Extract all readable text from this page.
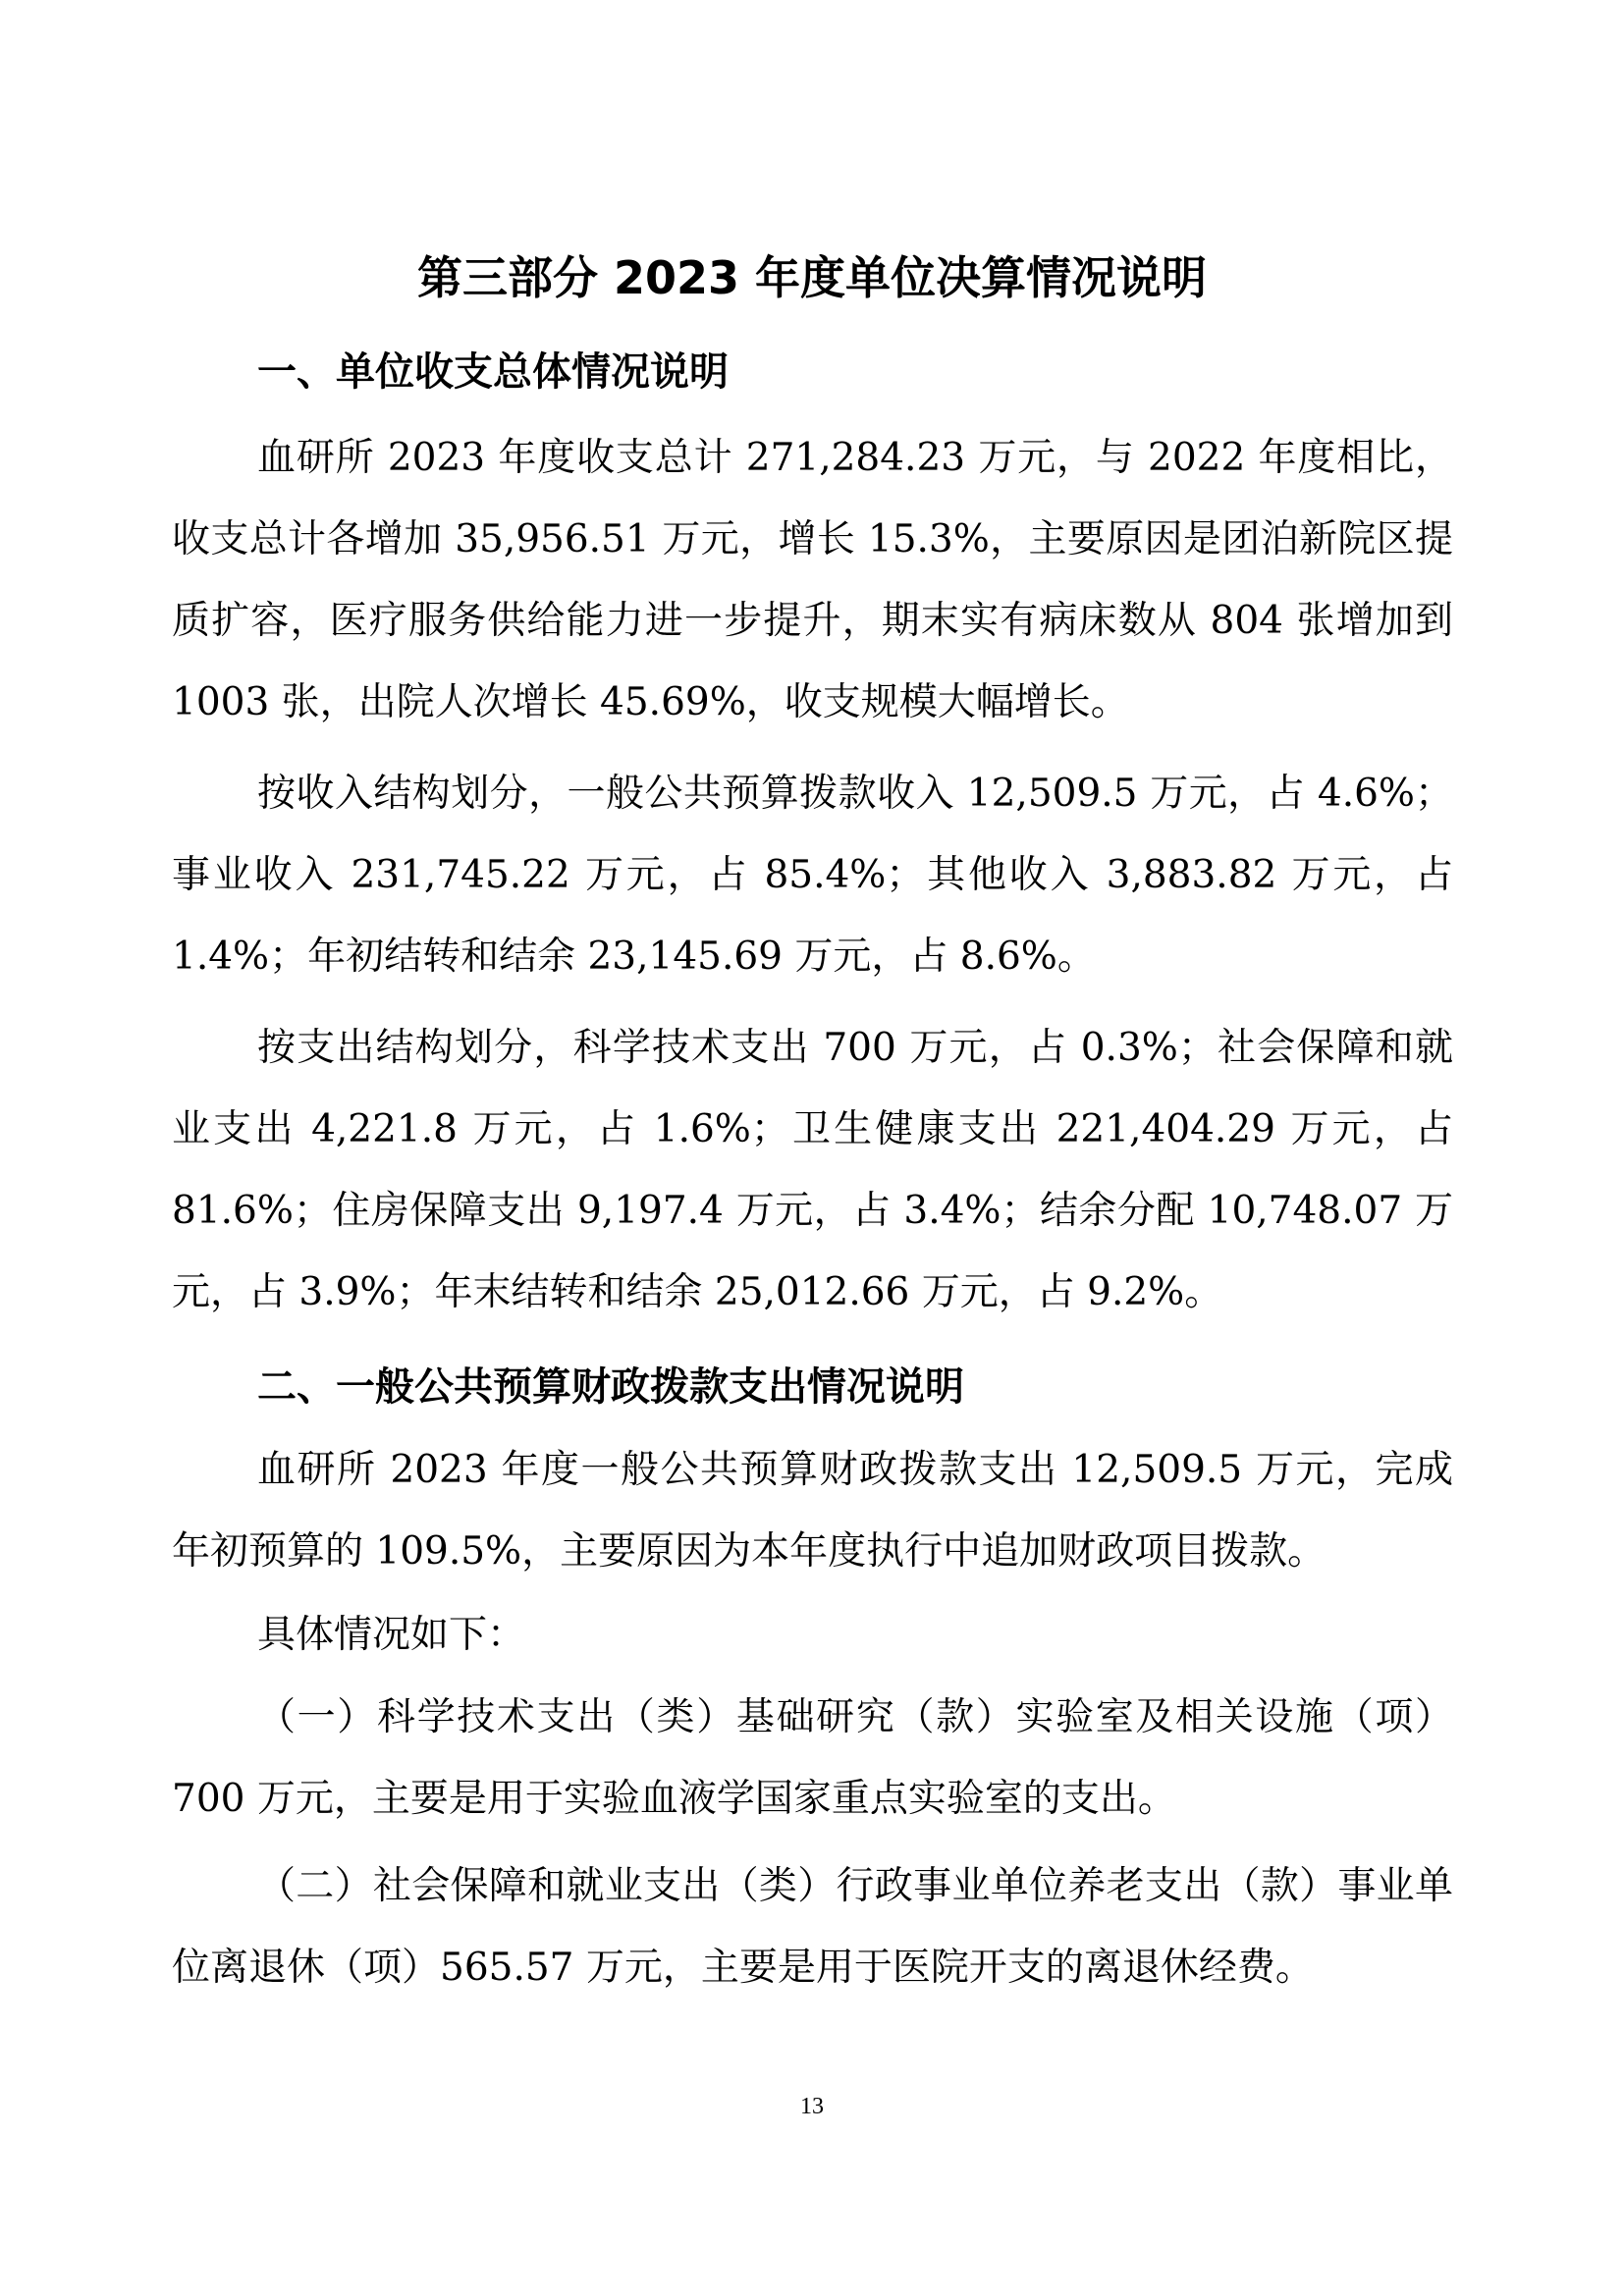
第三部分 2023 年度单位决算情况说明
一、单位收支总体情况说明

血研所 2023 年度收支总计 271,284.23 万元，与 2022 年度相比，收支总计各增加 35,956.51 万元，增长 15.3%，主要原因是团泊新院区提质扩容，医疗服务供给能力进一步提升，期末实有病床数从 804 张增加到 1003 张，出院人次增长 45.69%，收支规模大幅增长。

按收入结构划分，一般公共预算拨款收入 12,509.5 万元，占 4.6%；事业收入 231,745.22 万元，占 85.4%；其他收入 3,883.82 万元，占 1.4%；年初结转和结余 23,145.69 万元，占 8.6%。

按支出结构划分，科学技术支出 700 万元，占 0.3%；社会保障和就业支出 4,221.8 万元，占 1.6%；卫生健康支出 221,404.29 万元，占 81.6%；住房保障支出 9,197.4 万元，占 3.4%；结余分配 10,748.07 万元，占 3.9%；年末结转和结余 25,012.66 万元，占 9.2%。

二、一般公共预算财政拨款支出情况说明

血研所 2023 年度一般公共预算财政拨款支出 12,509.5 万元，完成年初预算的 109.5%，主要原因为本年度执行中追加财政项目拨款。

具体情况如下：

（一）科学技术支出（类）基础研究（款）实验室及相关设施（项）700 万元，主要是用于实验血液学国家重点实验室的支出。

（二）社会保障和就业支出（类）行政事业单位养老支出（款）事业单位离退休（项）565.57 万元，主要是用于医院开支的离退休经费。

13
